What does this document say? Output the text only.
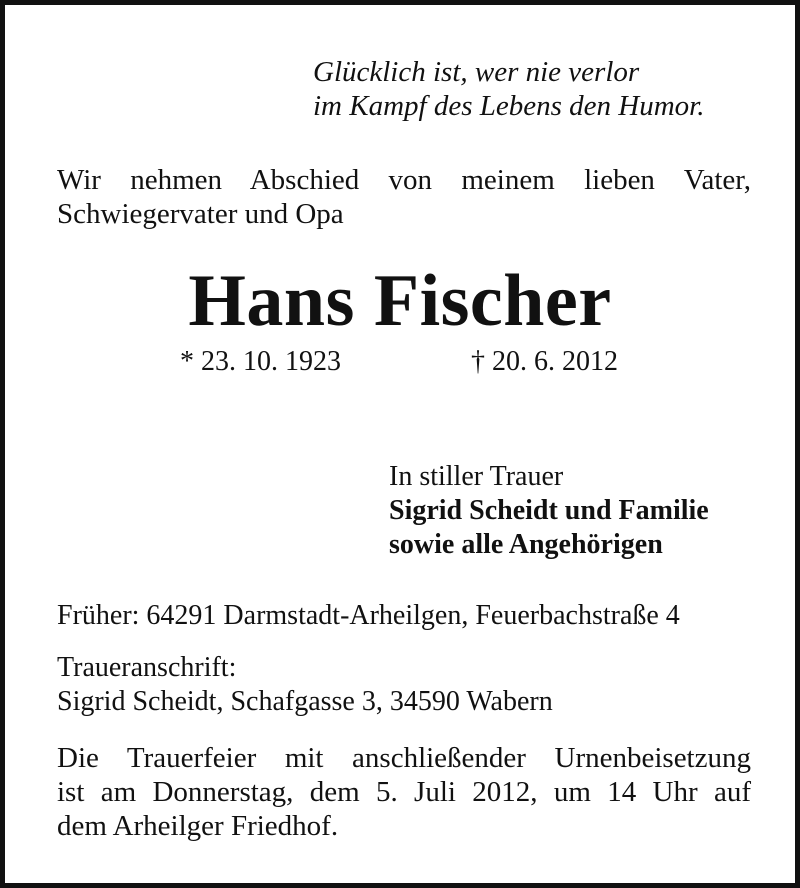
Glücklich ist, wer nie verlor
im Kampf des Lebens den Humor.
Wir nehmen Abschied von meinem lieben Vater,
Schwiegervater und Opa
Hans Fischer
* 23. 10. 1923	† 20. 6. 2012
In stiller Trauer
Sigrid Scheidt und Familie
sowie alle Angehörigen
Früher: 64291 Darmstadt-Arheilgen, Feuerbachstraße 4
Traueranschrift:
Sigrid Scheidt, Schafgasse 3, 34590 Wabern
Die Trauerfeier mit anschließender Urnenbeisetzung
ist am Donnerstag, dem 5. Juli 2012, um 14 Uhr auf
dem Arheilger Friedhof.
